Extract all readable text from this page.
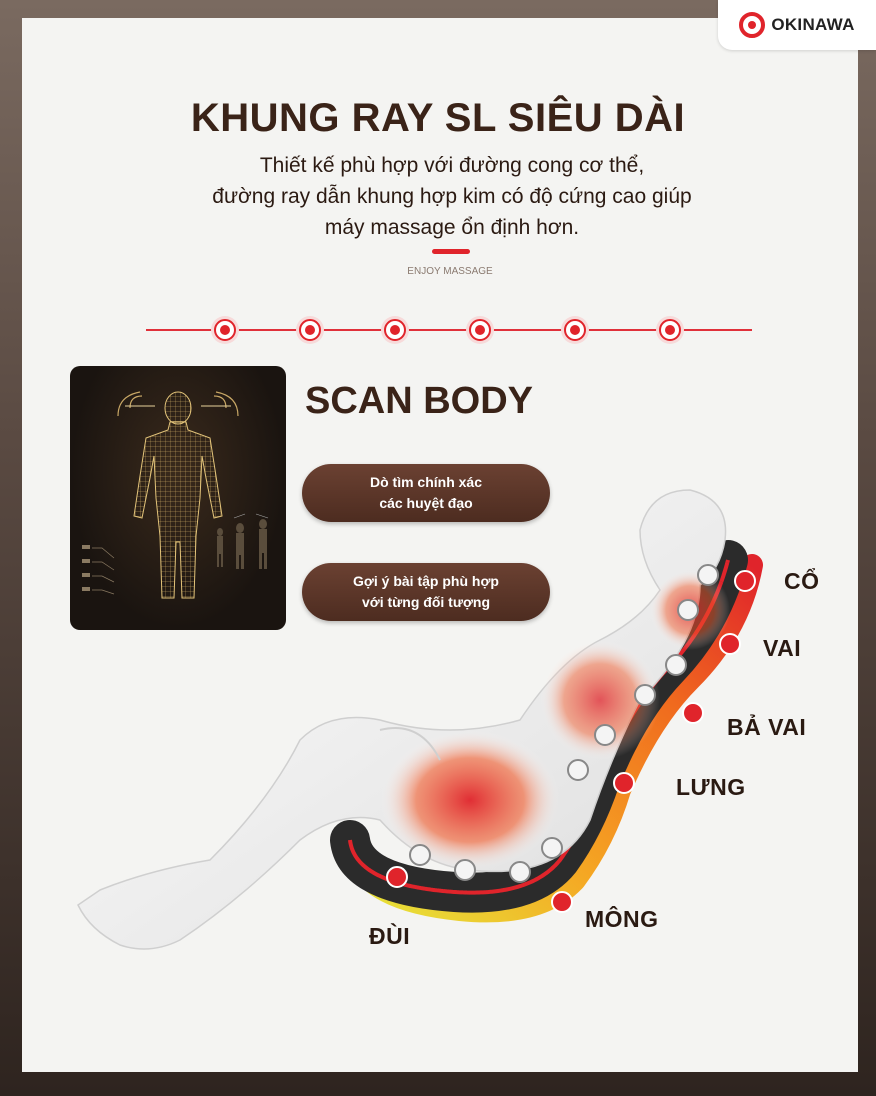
OKINAWA
KHUNG RAY SL SIÊU DÀI
Thiết kế phù hợp với đường cong cơ thể,
đường ray dẫn khung hợp kim có độ cứng cao giúp
máy massage ổn định hơn.
ENJOY MASSAGE
SCAN BODY
Dò tìm chính xác
các huyệt đạo
Gợi ý bài tập phù hợp
với từng đối tượng
CỔ
VAI
BẢ VAI
LƯNG
MÔNG
ĐÙI
